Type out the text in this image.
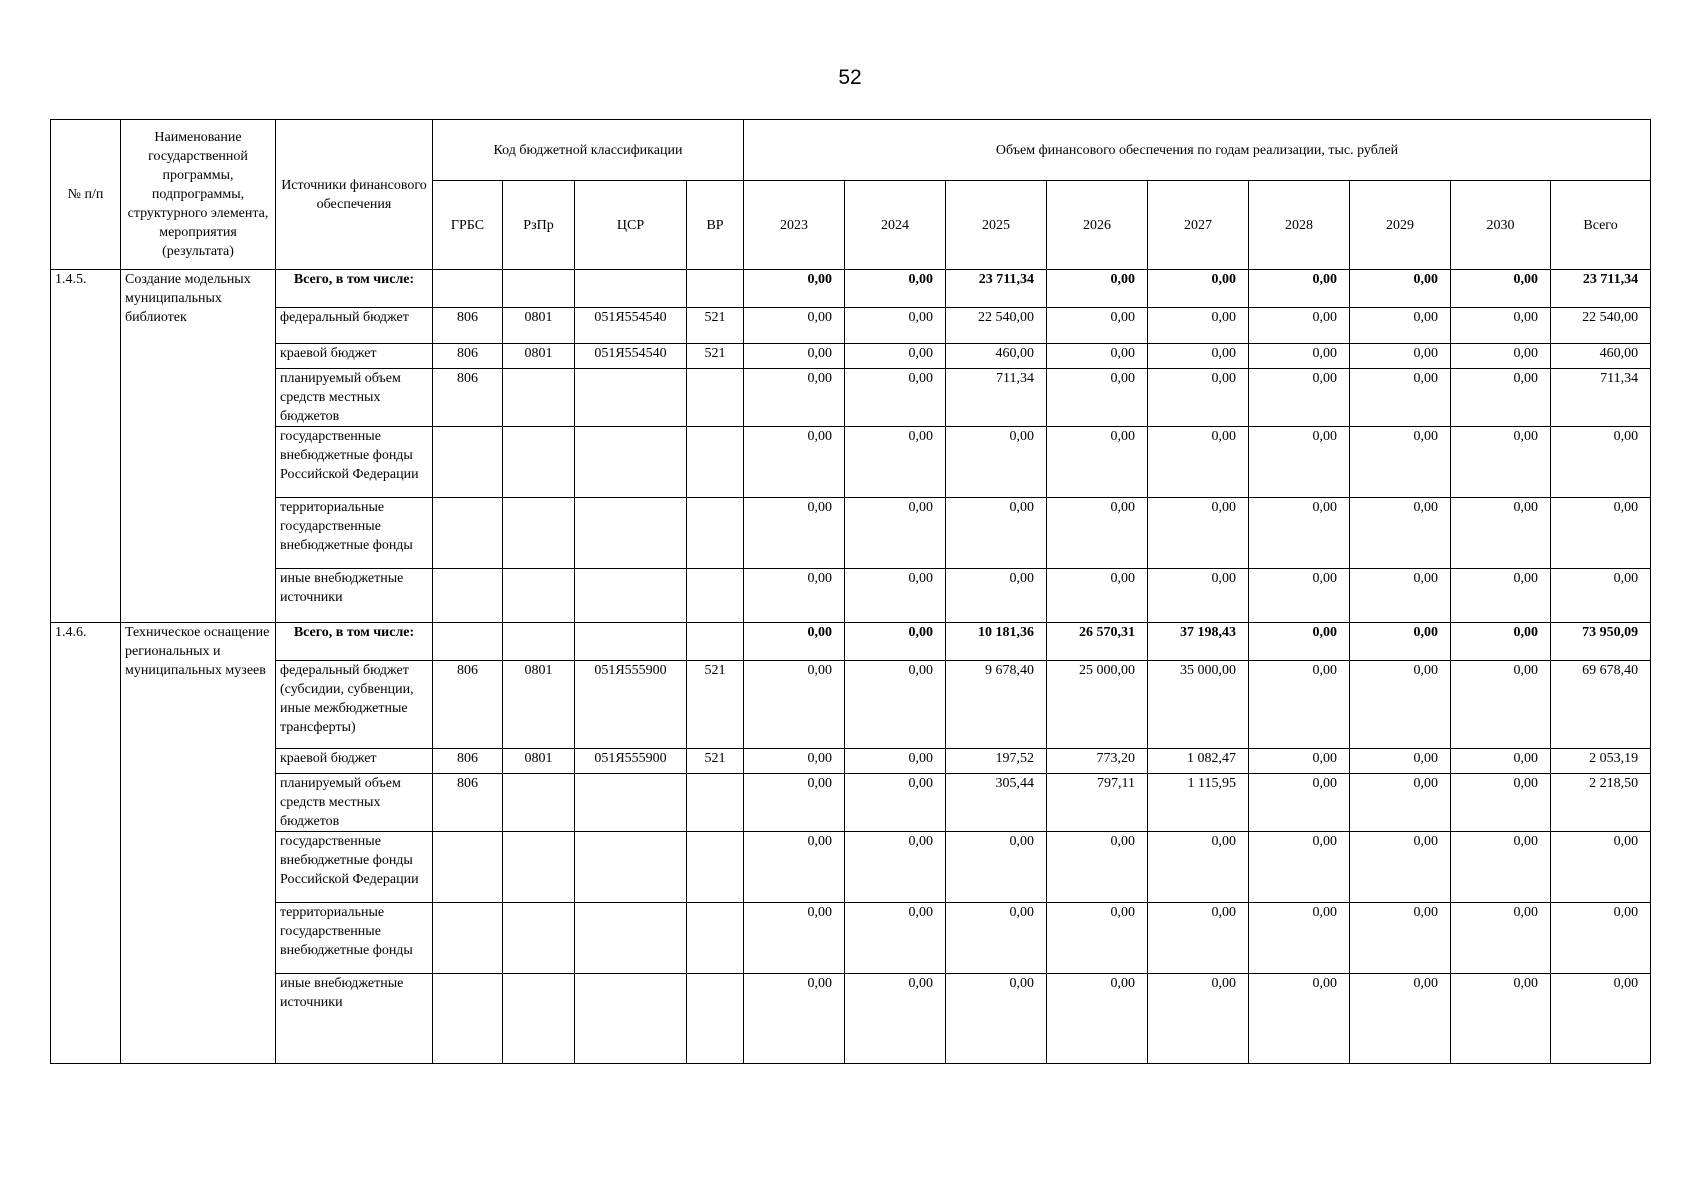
52
№ п/п	Наименование государственной программы, подпрограммы, структурного элемента, мероприятия (результата)	Источники финансового обеспечения	Код бюджетной классификации				Объем финансового обеспечения по годам реализации, тыс. рублей								
			ГРБС	РзПр	ЦСР	ВР	2023	2024	2025	2026	2027	2028	2029	2030	Всего
1.4.5.	Создание модельных муниципальных библиотек	Всего, в том числе:					0,00	0,00	23 711,34	0,00	0,00	0,00	0,00	0,00	23 711,34
		федеральный бюджет	806	0801	051Я554540	521	0,00	0,00	22 540,00	0,00	0,00	0,00	0,00	0,00	22 540,00
		краевой бюджет	806	0801	051Я554540	521	0,00	0,00	460,00	0,00	0,00	0,00	0,00	0,00	460,00
		планируемый объем средств местных бюджетов	806				0,00	0,00	711,34	0,00	0,00	0,00	0,00	0,00	711,34
		государственные внебюджетные фонды Российской Федерации					0,00	0,00	0,00	0,00	0,00	0,00	0,00	0,00	0,00
		территориальные государственные внебюджетные фонды					0,00	0,00	0,00	0,00	0,00	0,00	0,00	0,00	0,00
		иные внебюджетные источники					0,00	0,00	0,00	0,00	0,00	0,00	0,00	0,00	0,00
1.4.6.	Техническое оснащение региональных и муниципальных музеев	Всего, в том числе:					0,00	0,00	10 181,36	26 570,31	37 198,43	0,00	0,00	0,00	73 950,09
		федеральный бюджет (субсидии, субвенции, иные межбюджетные трансферты)	806	0801	051Я555900	521	0,00	0,00	9 678,40	25 000,00	35 000,00	0,00	0,00	0,00	69 678,40
		краевой бюджет	806	0801	051Я555900	521	0,00	0,00	197,52	773,20	1 082,47	0,00	0,00	0,00	2 053,19
		планируемый объем средств местных бюджетов	806				0,00	0,00	305,44	797,11	1 115,95	0,00	0,00	0,00	2 218,50
		государственные внебюджетные фонды Российской Федерации					0,00	0,00	0,00	0,00	0,00	0,00	0,00	0,00	0,00
		территориальные государственные внебюджетные фонды					0,00	0,00	0,00	0,00	0,00	0,00	0,00	0,00	0,00
		иные внебюджетные источники					0,00	0,00	0,00	0,00	0,00	0,00	0,00	0,00	0,00
